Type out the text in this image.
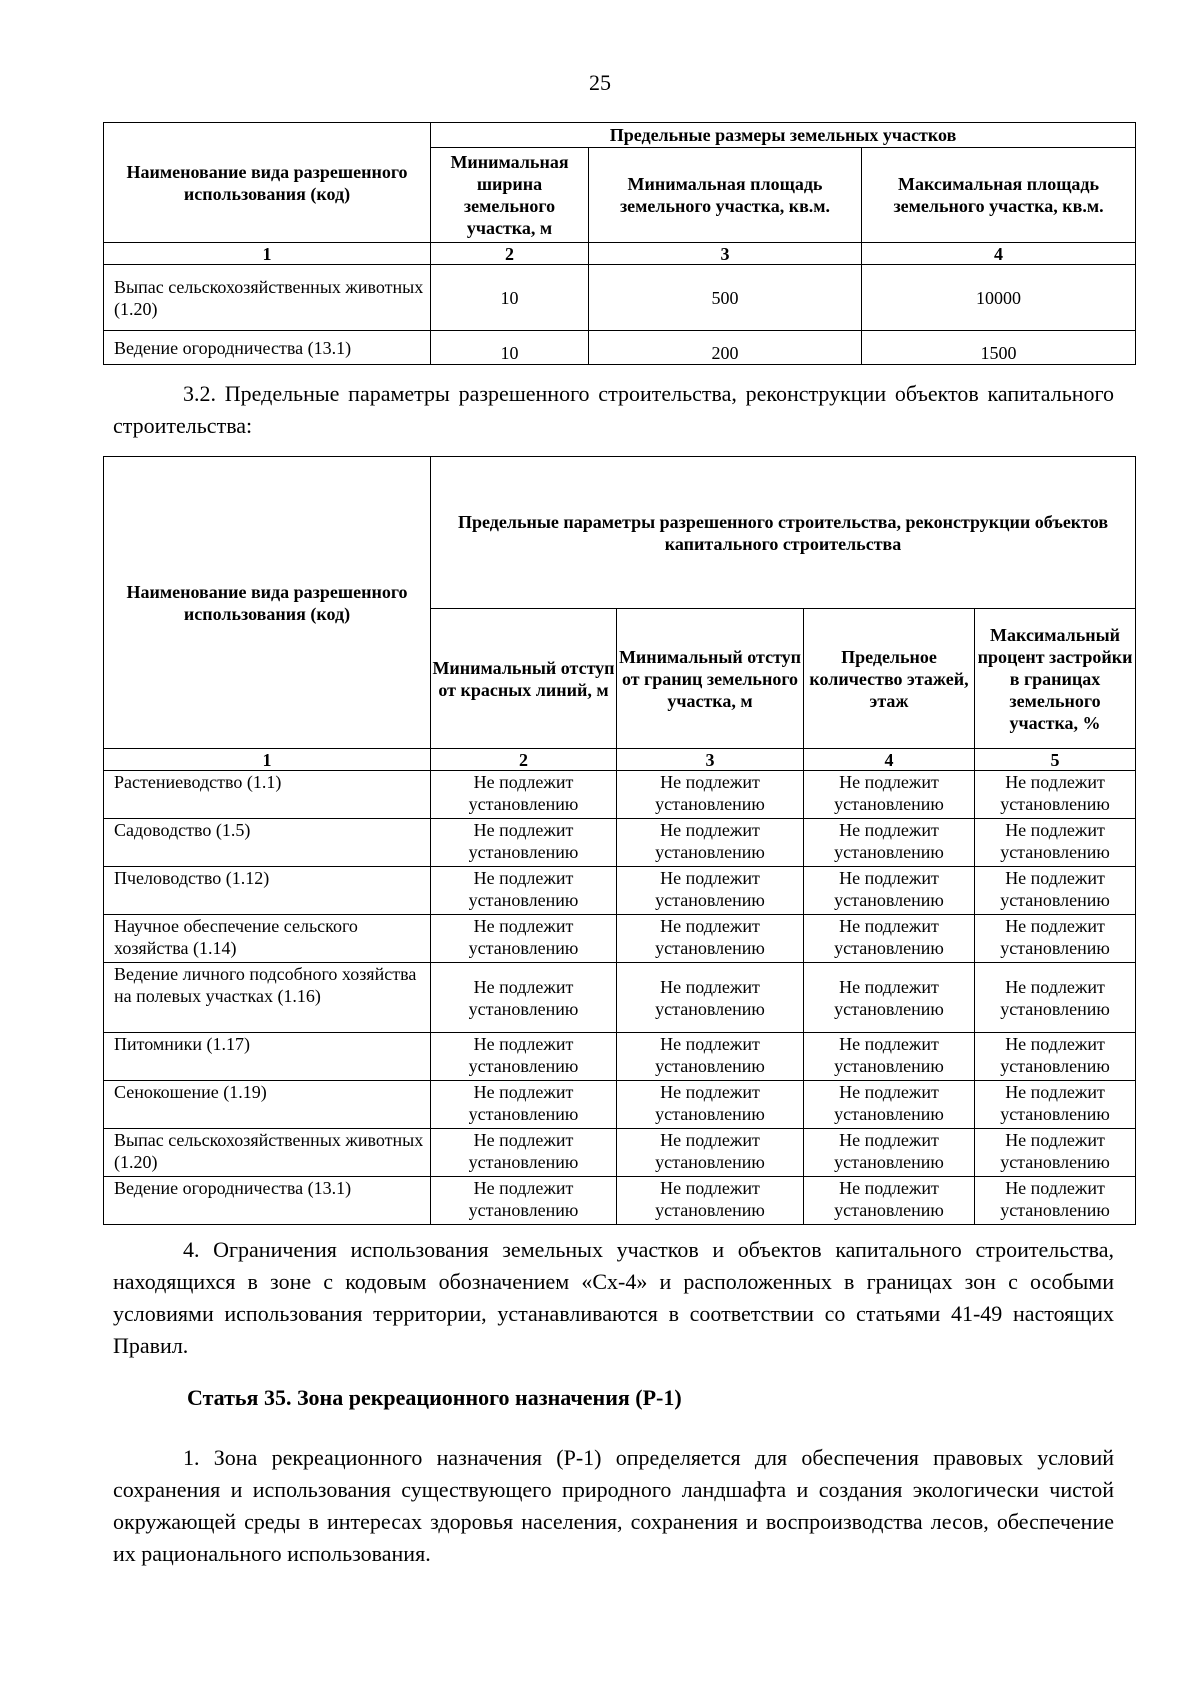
25
Наименование вида разрешенного использования (код)	Предельные размеры земельных участков		
	Минимальная ширина земельного участка, м	Минимальная площадь земельного участка, кв.м.	Максимальная площадь земельного участка, кв.м.
1	2	3	4
Выпас сельскохозяйственных животных (1.20)	10	500	10000
Ведение огородничества (13.1)	10	200	1500

3.2. Предельные параметры разрешенного строительства, реконструкции объектов капитального строительства:

Наименование вида разрешенного использования (код)	Предельные параметры разрешенного строительства, реконструкции объектов капитального строительства			
	Минимальный отступ от красных линий, м	Минимальный отступ от границ земельного участка, м	Предельное количество этажей, этаж	Максимальный процент застройки в границах земельного участка, %
1	2	3	4	5
Растениеводство (1.1)	Не подлежит установлению	Не подлежит установлению	Не подлежит установлению	Не подлежит установлению
Садоводство (1.5)	Не подлежит установлению	Не подлежит установлению	Не подлежит установлению	Не подлежит установлению
Пчеловодство (1.12)	Не подлежит установлению	Не подлежит установлению	Не подлежит установлению	Не подлежит установлению
Научное обеспечение сельского хозяйства (1.14)	Не подлежит установлению	Не подлежит установлению	Не подлежит установлению	Не подлежит установлению
Ведение личного подсобного хозяйства на полевых участках (1.16)	Не подлежит установлению	Не подлежит установлению	Не подлежит установлению	Не подлежит установлению
Питомники (1.17)	Не подлежит установлению	Не подлежит установлению	Не подлежит установлению	Не подлежит установлению
Сенокошение (1.19)	Не подлежит установлению	Не подлежит установлению	Не подлежит установлению	Не подлежит установлению
Выпас сельскохозяйственных животных (1.20)	Не подлежит установлению	Не подлежит установлению	Не подлежит установлению	Не подлежит установлению
Ведение огородничества (13.1)	Не подлежит установлению	Не подлежит установлению	Не подлежит установлению	Не подлежит установлению

4. Ограничения использования земельных участков и объектов капитального строительства, находящихся в зоне с кодовым обозначением «Сх-4» и расположенных в границах зон с особыми условиями использования территории, устанавливаются в соответствии со статьями 41-49 настоящих Правил.

Статья 35. Зона рекреационного назначения (Р-1)

1. Зона рекреационного назначения (Р-1) определяется для обеспечения правовых условий сохранения и использования существующего природного ландшафта и создания экологически чистой окружающей среды в интересах здоровья населения, сохранения и воспроизводства лесов, обеспечение их рационального использования.
